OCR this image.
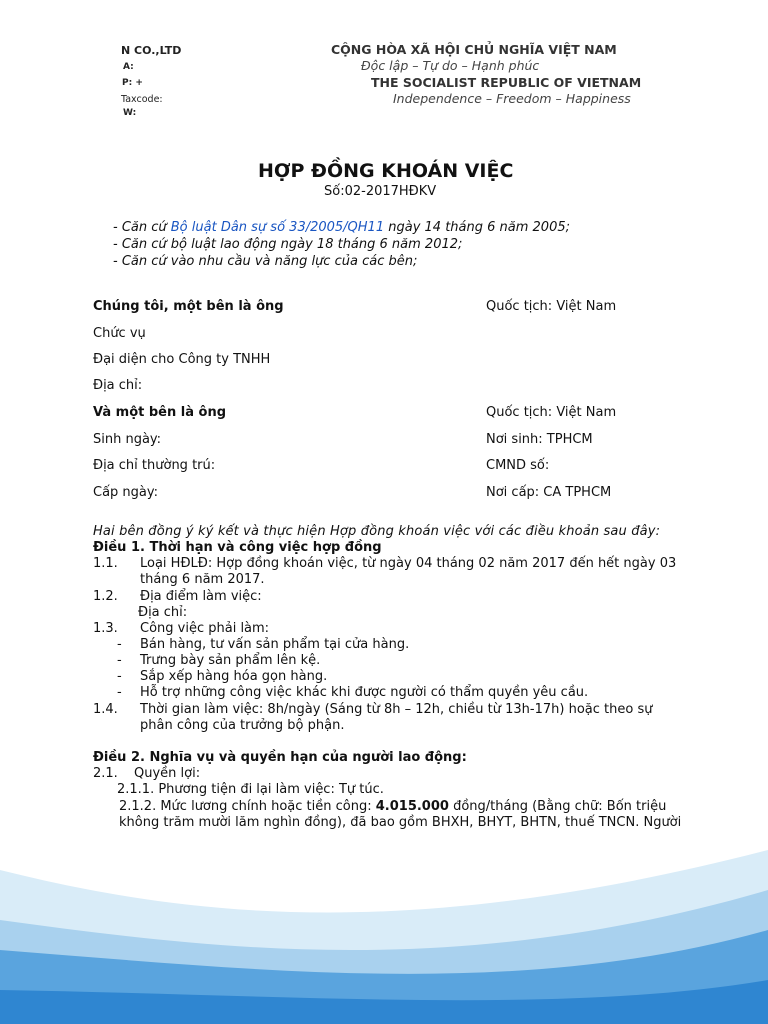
N CO.,LTD
A:
P: +
Taxcode:
W:
CỘNG HÒA XÃ HỘI CHỦ NGHĨA VIỆT NAM
Độc lập – Tự do – Hạnh phúc
THE SOCIALIST REPUBLIC OF VIETNAM
Independence – Freedom – Happiness
HỢP ĐỒNG KHOÁN VIỆC
Số:02-2017HĐKV
- Căn cứ Bộ luật Dân sự số 33/2005/QH11 ngày 14 tháng 6 năm 2005;
- Căn cứ bộ luật lao động ngày 18 tháng 6 năm 2012;
- Căn cứ vào nhu cầu và năng lực của các bên;
Chúng tôi, một bên là ông	Quốc tịch: Việt Nam
Chức vụ
Đại diện cho Công ty TNHH
Địa chỉ:
Và một bên là ông	Quốc tịch: Việt Nam
Sinh ngày:	Nơi sinh: TPHCM
Địa chỉ thường trú:	CMND số:
Cấp ngày:	Nơi cấp: CA TPHCM
Hai bên đồng ý ký kết và thực hiện Hợp đồng khoán việc với các điều khoản sau đây:
Điều 1. Thời hạn và công việc hợp đồng
1.1. Loại HĐLĐ: Hợp đồng khoán việc, từ ngày 04 tháng 02 năm 2017 đến hết ngày 03
tháng 6 năm 2017.
1.2. Địa điểm làm việc:
Địa chỉ:
1.3. Công việc phải làm:
- Bán hàng, tư vấn sản phẩm tại cửa hàng.
- Trưng bày sản phẩm lên kệ.
- Sắp xếp hàng hóa gọn hàng.
- Hỗ trợ những công việc khác khi được người có thẩm quyền yêu cầu.
1.4. Thời gian làm việc: 8h/ngày (Sáng từ 8h – 12h, chiều từ 13h-17h) hoặc theo sự
phân công của trưởng bộ phận.
Điều 2. Nghĩa vụ và quyền hạn của người lao động:
2.1. Quyền lợi:
2.1.1. Phương tiện đi lại làm việc: Tự túc.
2.1.2. Mức lương chính hoặc tiền công: 4.015.000 đồng/tháng (Bằng chữ: Bốn triệu
không trăm mười lăm nghìn đồng), đã bao gồm BHXH, BHYT, BHTN, thuế TNCN. Người
